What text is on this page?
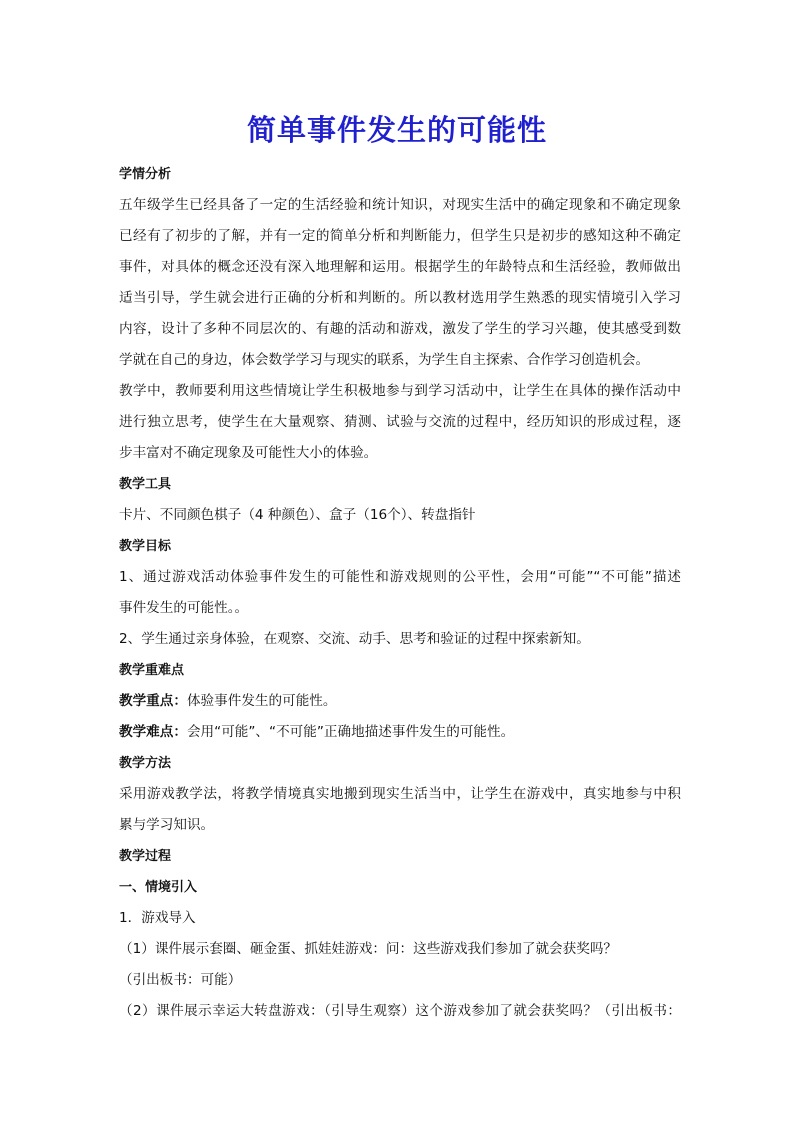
简单事件发生的可能性
学情分析
五年级学生已经具备了一定的生活经验和统计知识，对现实生活中的确定现象和不确定现象
已经有了初步的了解，并有一定的简单分析和判断能力，但学生只是初步的感知这种不确定
事件，对具体的概念还没有深入地理解和运用。根据学生的年龄特点和生活经验，教师做出
适当引导，学生就会进行正确的分析和判断的。所以教材选用学生熟悉的现实情境引入学习
内容，设计了多种不同层次的、有趣的活动和游戏，激发了学生的学习兴趣，使其感受到数
学就在自己的身边，体会数学学习与现实的联系，为学生自主探索、合作学习创造机会。
教学中，教师要利用这些情境让学生积极地参与到学习活动中，让学生在具体的操作活动中
进行独立思考，使学生在大量观察、猜测、试验与交流的过程中，经历知识的形成过程，逐
步丰富对不确定现象及可能性大小的体验。
教学工具
卡片、不同颜色棋子（4 种颜色）、盒子（16个）、转盘指针
教学目标
1、通过游戏活动体验事件发生的可能性和游戏规则的公平性，会用“可能”“不可能”描述
事件发生的可能性。。
2、学生通过亲身体验，在观察、交流、动手、思考和验证的过程中探索新知。
教学重难点
教学重点：体验事件发生的可能性。
教学难点：会用“可能”、“不可能”正确地描述事件发生的可能性。
教学方法
采用游戏教学法，将教学情境真实地搬到现实生活当中，让学生在游戏中，真实地参与中积
累与学习知识。
教学过程
一、情境引入
1．游戏导入
（1）课件展示套圈、砸金蛋、抓娃娃游戏：问：这些游戏我们参加了就会获奖吗？
（引出板书：可能）
（2）课件展示幸运大转盘游戏：（引导生观察）这个游戏参加了就会获奖吗？（引出板书：
